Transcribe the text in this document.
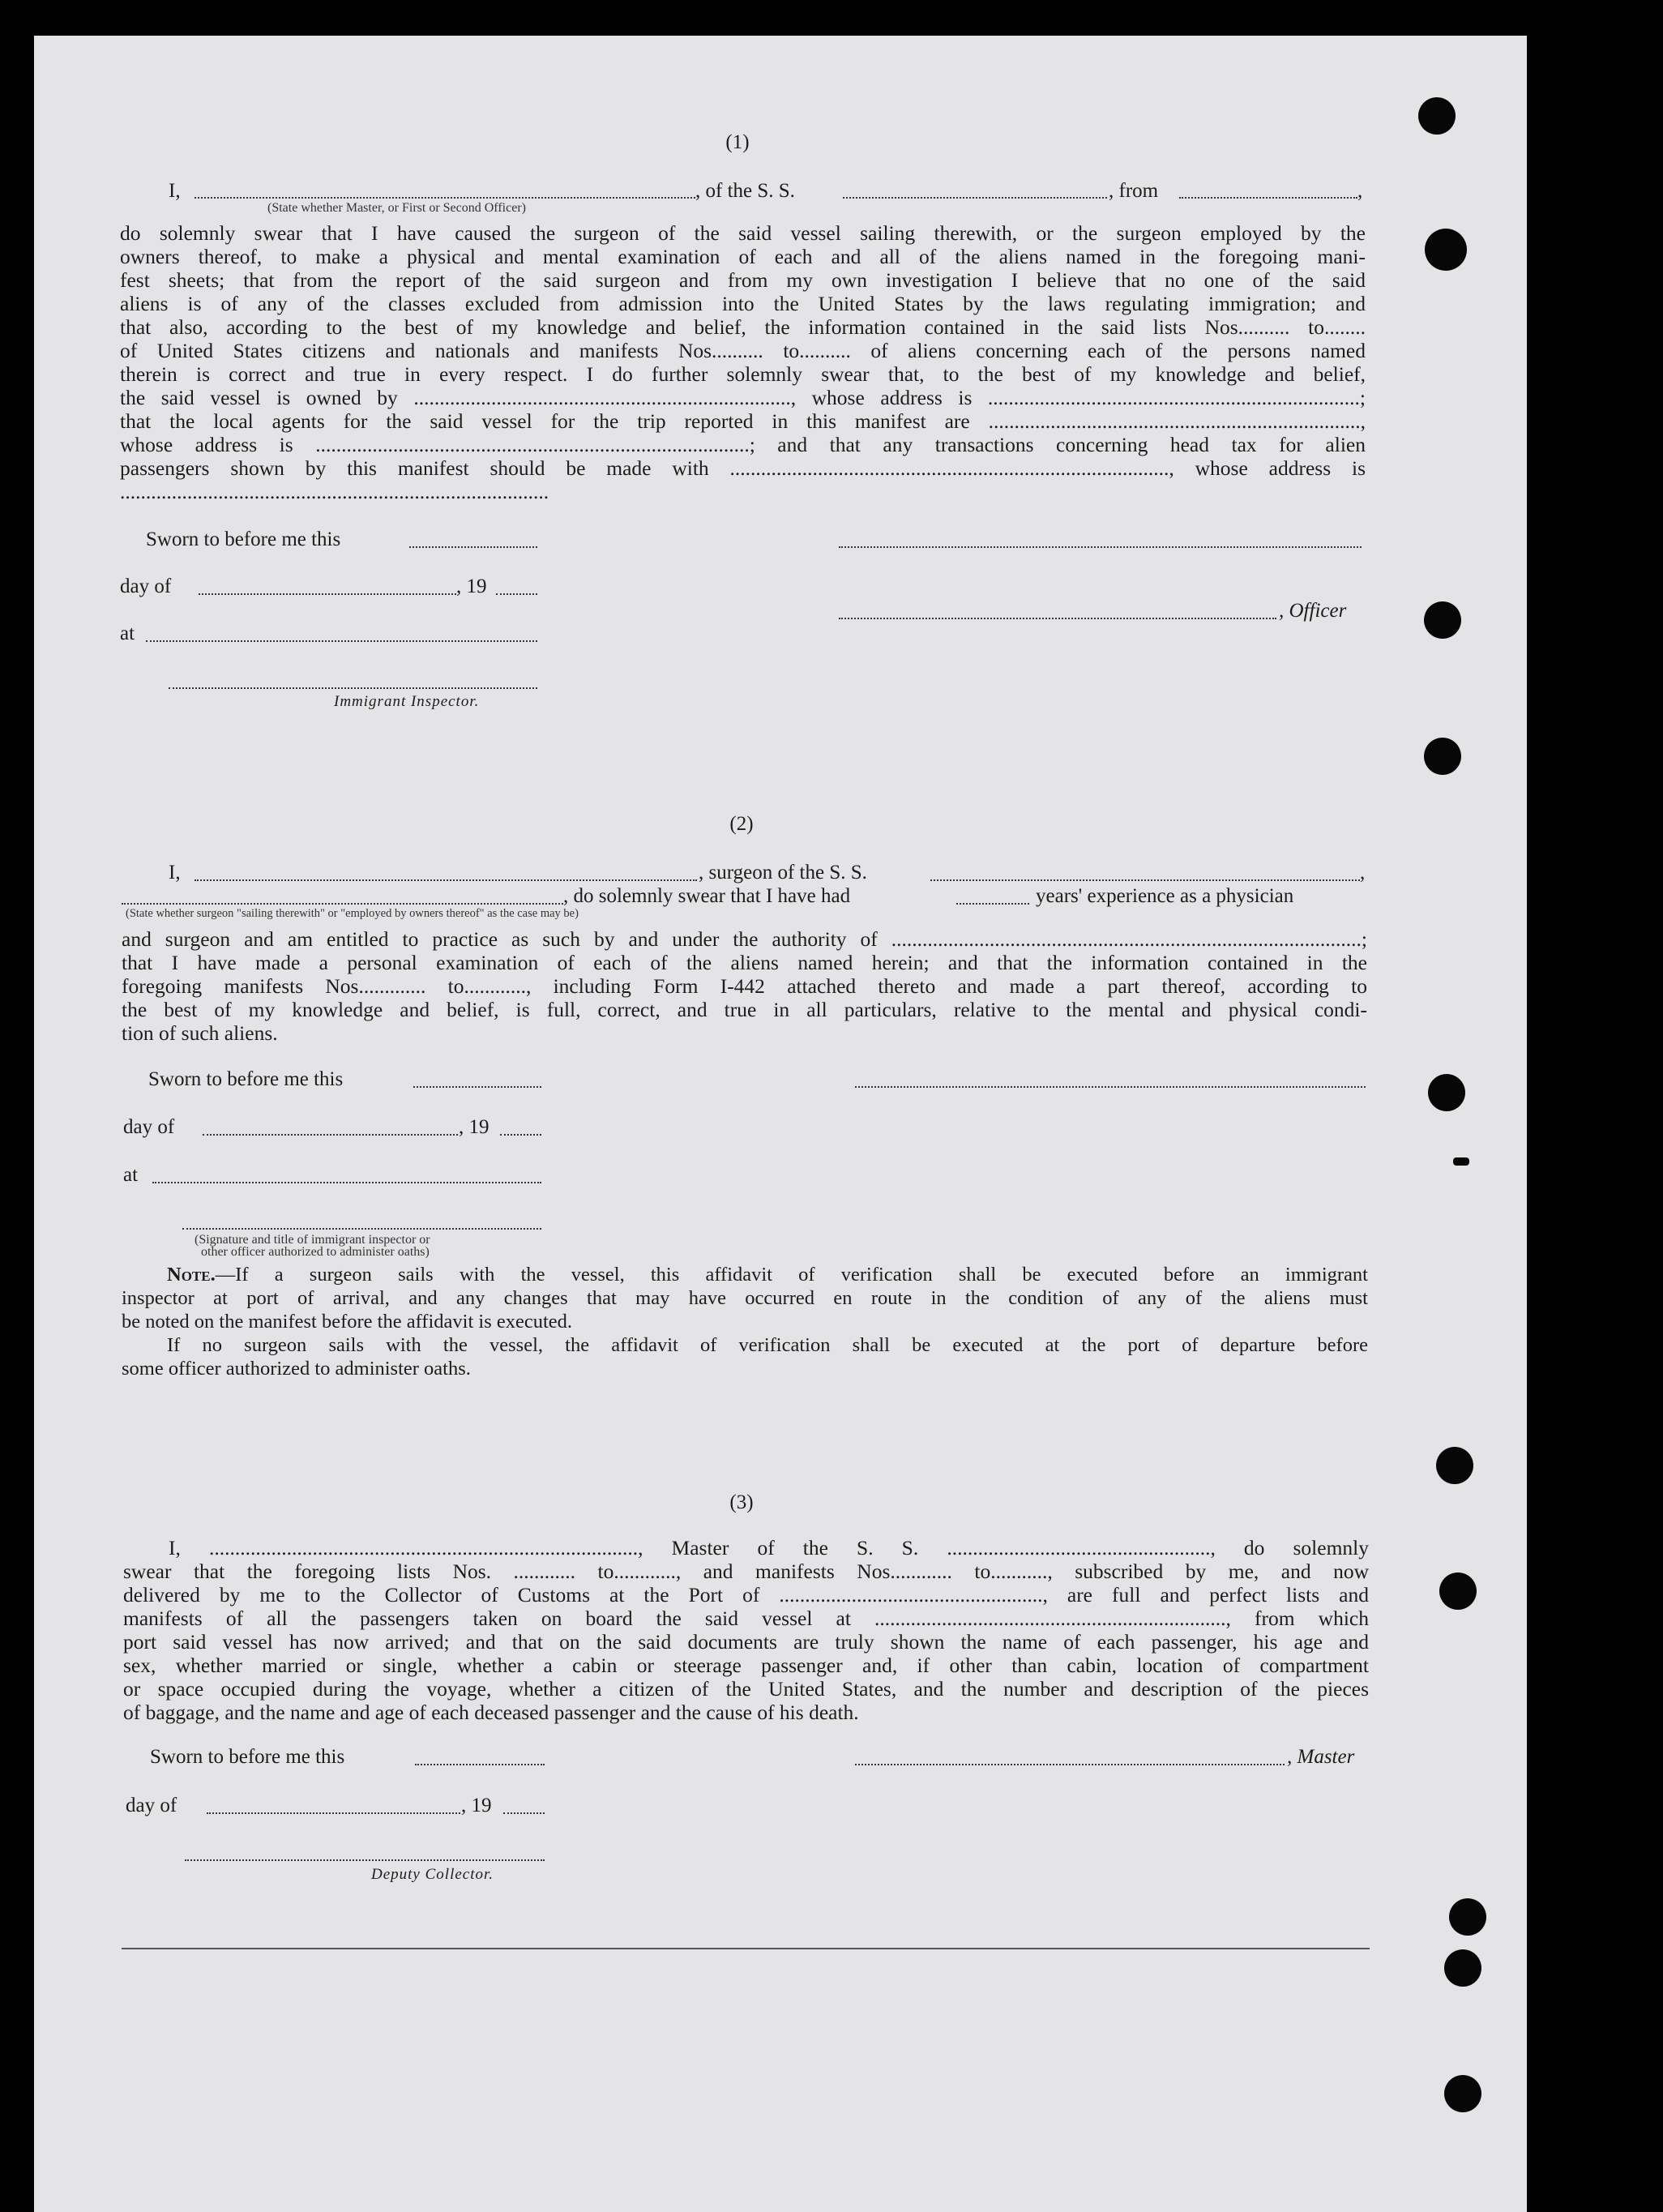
(1)
I,	, of the S. S.	, from	,
(State whether Master, or First or Second Officer)

do solemnly swear that I have caused the surgeon of the said vessel sailing therewith, or the surgeon employed by the

owners thereof, to make a physical and mental examination of each and all of the aliens named in the foregoing mani-

fest sheets; that from the report of the said surgeon and from my own investigation I believe that no one of the said

aliens is of any of the classes excluded from admission into the United States by the laws regulating immigration; and

that also, according to the best of my knowledge and belief, the information contained in the said lists Nos.......... to........

of United States citizens and nationals and manifests Nos.......... to.......... of aliens concerning each of the persons named

therein is correct and true in every respect. I do further solemnly swear that, to the best of my knowledge and belief,

the said vessel is owned by ........................................................................., whose address is ........................................................................;

that the local agents for the said vessel for the trip reported in this manifest are ........................................................................,

whose address is ....................................................................................; and that any transactions concerning head tax for alien

passengers shown by this manifest should be made with ....................................................................................., whose address is

...................................................................................

Sworn to before me this
day of	, 19
, Officer
at
Immigrant Inspector.
(2)
I,	, surgeon of the S. S.	,
, do solemnly swear that I have had	years' experience as a physician
(State whether surgeon "sailing therewith" or "employed by owners thereof" as the case may be)

and surgeon and am entitled to practice as such by and under the authority of ...........................................................................................;

that I have made a personal examination of each of the aliens named herein; and that the information contained in the

foregoing manifests Nos............. to............, including Form I-442 attached thereto and made a part thereof, according to

the best of my knowledge and belief, is full, correct, and true in all particulars, relative to the mental and physical condi-

tion of such aliens.

Sworn to before me this
day of	, 19
at
(Signature and title of immigrant inspector or
other officer authorized to administer oaths)

Note.—If a surgeon sails with the vessel, this affidavit of verification shall be executed before an immigrant

inspector at port of arrival, and any changes that may have occurred en route in the condition of any of the aliens must

be noted on the manifest before the affidavit is executed.

If no surgeon sails with the vessel, the affidavit of verification shall be executed at the port of departure before

some officer authorized to administer oaths.

(3)

I, ..................................................................................., Master of the S. S. ..................................................., do solemnly

swear that the foregoing lists Nos. ............ to............, and manifests Nos............ to..........., subscribed by me, and now

delivered by me to the Collector of Customs at the Port of ..................................................., are full and perfect lists and

manifests of all the passengers taken on board the said vessel at ...................................................................., from which

port said vessel has now arrived; and that on the said documents are truly shown the name of each passenger, his age and

sex, whether married or single, whether a cabin or steerage passenger and, if other than cabin, location of compartment

or space occupied during the voyage, whether a citizen of the United States, and the number and description of the pieces

of baggage, and the name and age of each deceased passenger and the cause of his death.

Sworn to before me this	, Master
day of	, 19
Deputy Collector.
